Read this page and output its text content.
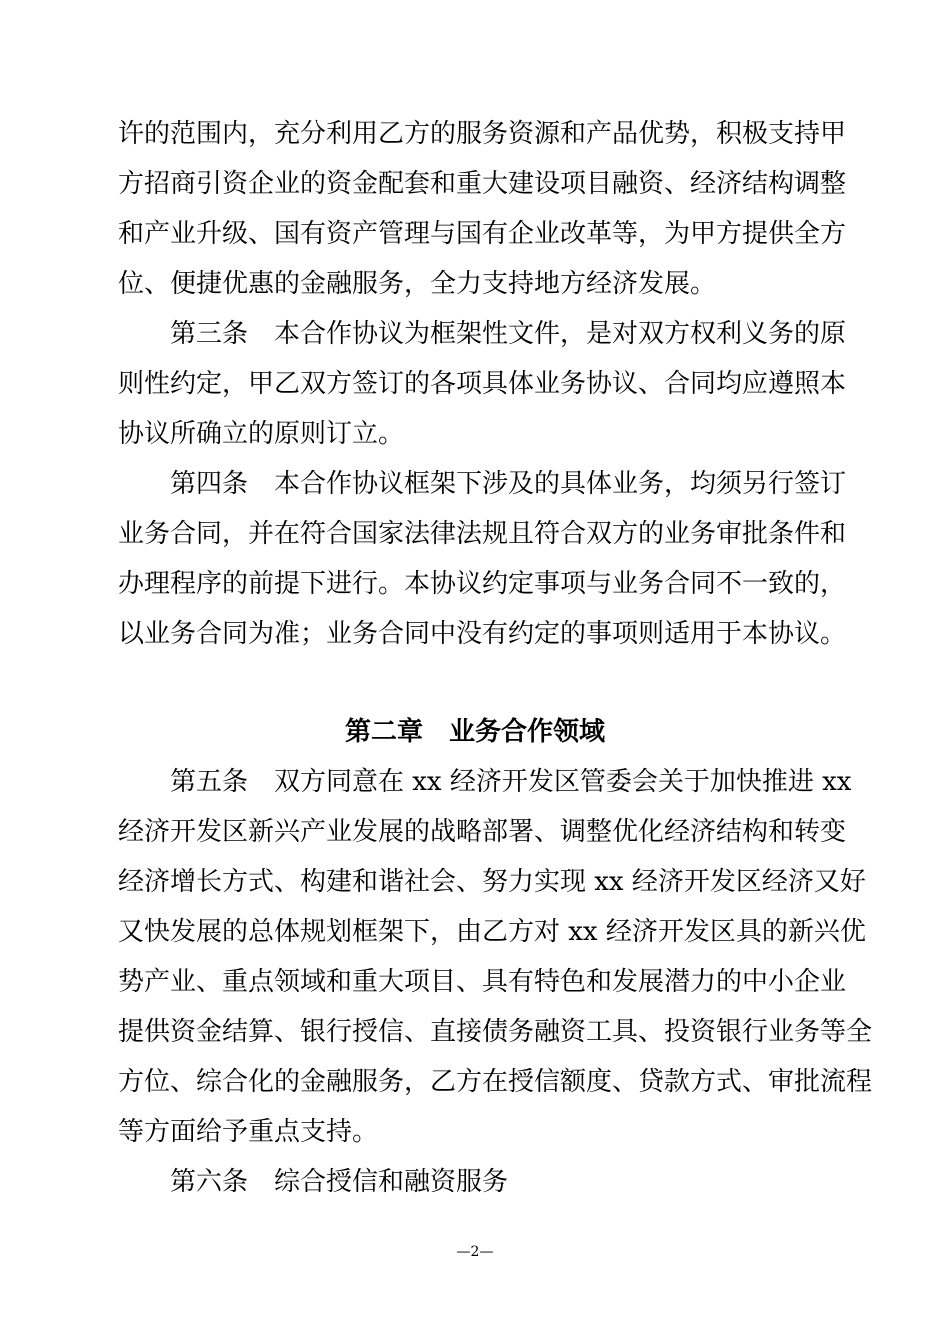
许的范围内，充分利用乙方的服务资源和产品优势，积极支持甲
方招商引资企业的资金配套和重大建设项目融资、经济结构调整
和产业升级、国有资产管理与国有企业改革等，为甲方提供全方
位、便捷优惠的金融服务，全力支持地方经济发展。
第三条　本合作协议为框架性文件，是对双方权利义务的原
则性约定，甲乙双方签订的各项具体业务协议、合同均应遵照本
协议所确立的原则订立。
第四条　本合作协议框架下涉及的具体业务，均须另行签订
业务合同，并在符合国家法律法规且符合双方的业务审批条件和
办理程序的前提下进行。本协议约定事项与业务合同不一致的，
以业务合同为准；业务合同中没有约定的事项则适用于本协议。
第二章　业务合作领域
第五条　双方同意在 xx 经济开发区管委会关于加快推进 xx
经济开发区新兴产业发展的战略部署、调整优化经济结构和转变
经济增长方式、构建和谐社会、努力实现 xx 经济开发区经济又好
又快发展的总体规划框架下，由乙方对 xx 经济开发区具的新兴优
势产业、重点领域和重大项目、具有特色和发展潜力的中小企业
提供资金结算、银行授信、直接债务融资工具、投资银行业务等全
方位、综合化的金融服务，乙方在授信额度、贷款方式、审批流程
等方面给予重点支持。
第六条　综合授信和融资服务
—2—
